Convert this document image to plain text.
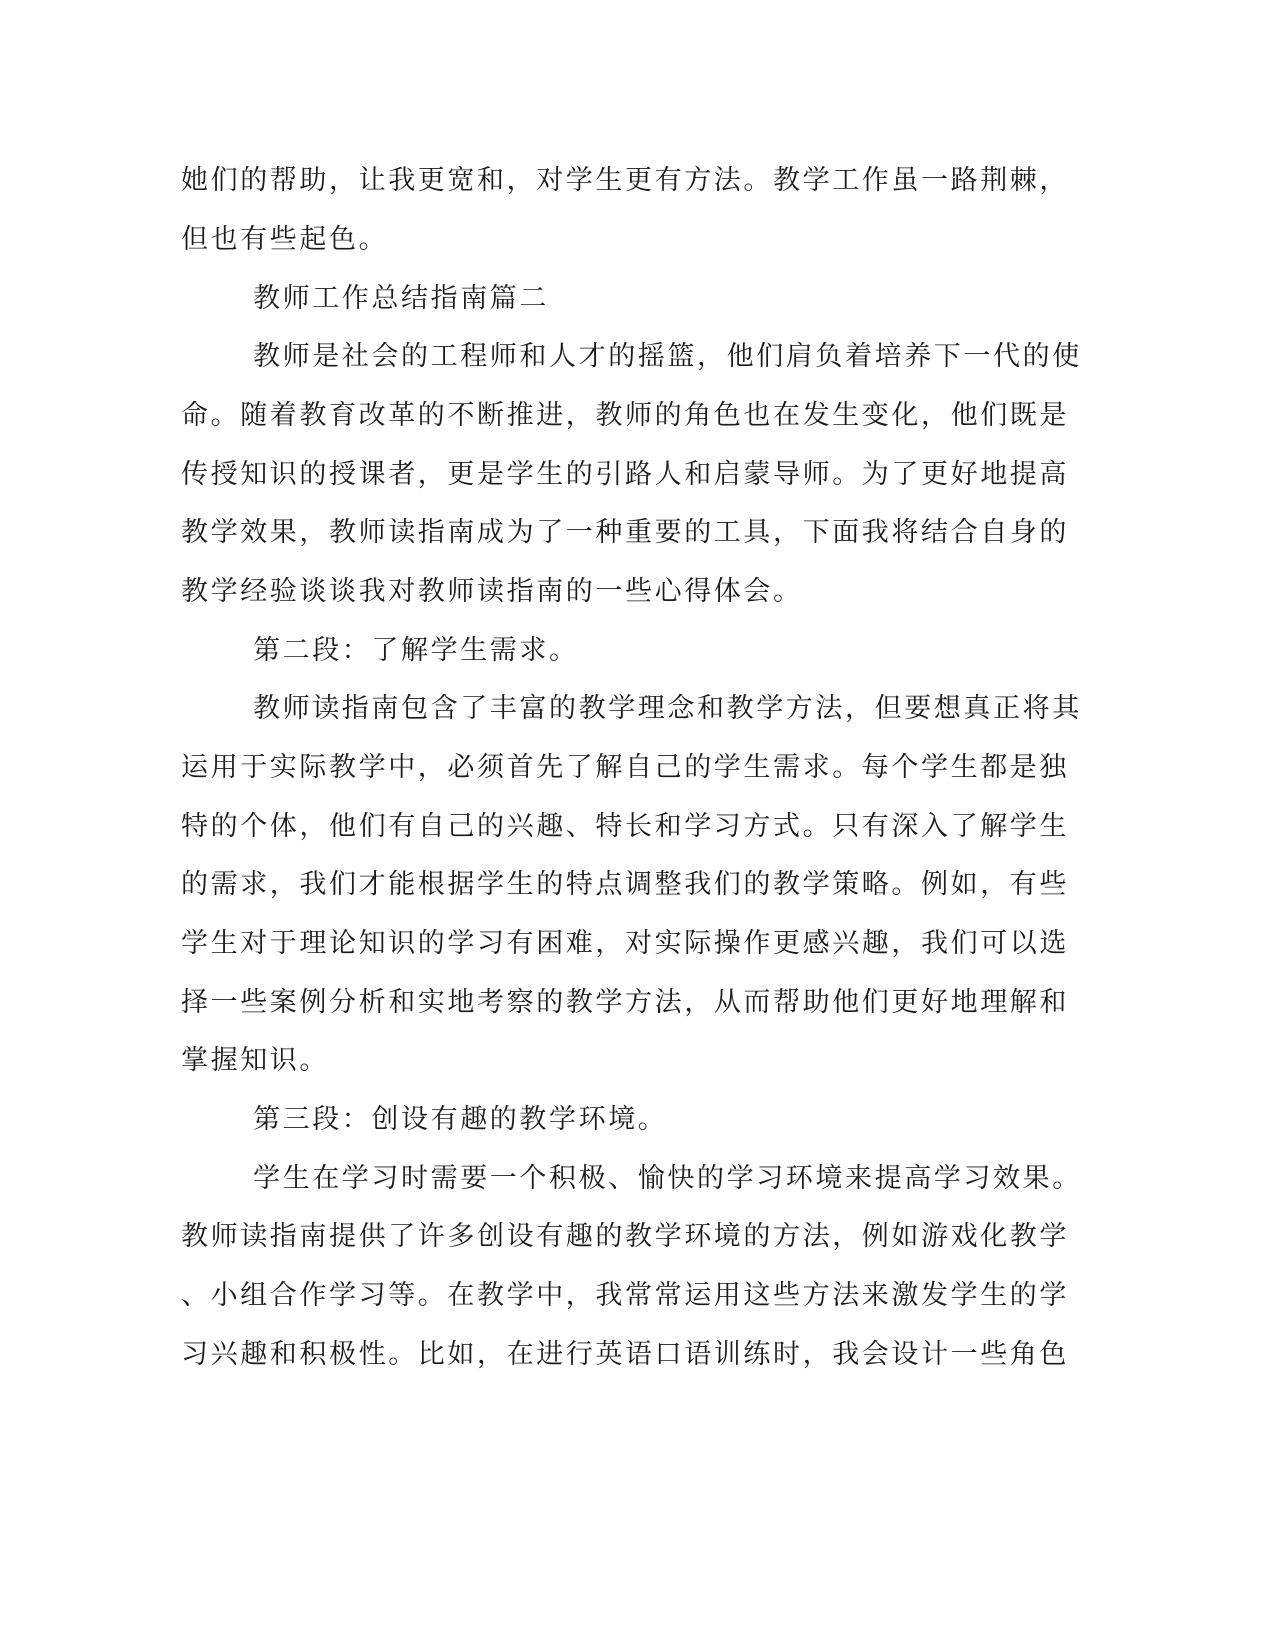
她们的帮助，让我更宽和，对学生更有方法。教学工作虽一路荆棘，
但也有些起色。
教师工作总结指南篇二
教师是社会的工程师和人才的摇篮，他们肩负着培养下一代的使
命。随着教育改革的不断推进，教师的角色也在发生变化，他们既是
传授知识的授课者，更是学生的引路人和启蒙导师。为了更好地提高
教学效果，教师读指南成为了一种重要的工具，下面我将结合自身的
教学经验谈谈我对教师读指南的一些心得体会。
第二段：了解学生需求。
教师读指南包含了丰富的教学理念和教学方法，但要想真正将其
运用于实际教学中，必须首先了解自己的学生需求。每个学生都是独
特的个体，他们有自己的兴趣、特长和学习方式。只有深入了解学生
的需求，我们才能根据学生的特点调整我们的教学策略。例如，有些
学生对于理论知识的学习有困难，对实际操作更感兴趣，我们可以选
择一些案例分析和实地考察的教学方法，从而帮助他们更好地理解和
掌握知识。
第三段：创设有趣的教学环境。
学生在学习时需要一个积极、愉快的学习环境来提高学习效果。
教师读指南提供了许多创设有趣的教学环境的方法，例如游戏化教学
、小组合作学习等。在教学中，我常常运用这些方法来激发学生的学
习兴趣和积极性。比如，在进行英语口语训练时，我会设计一些角色
